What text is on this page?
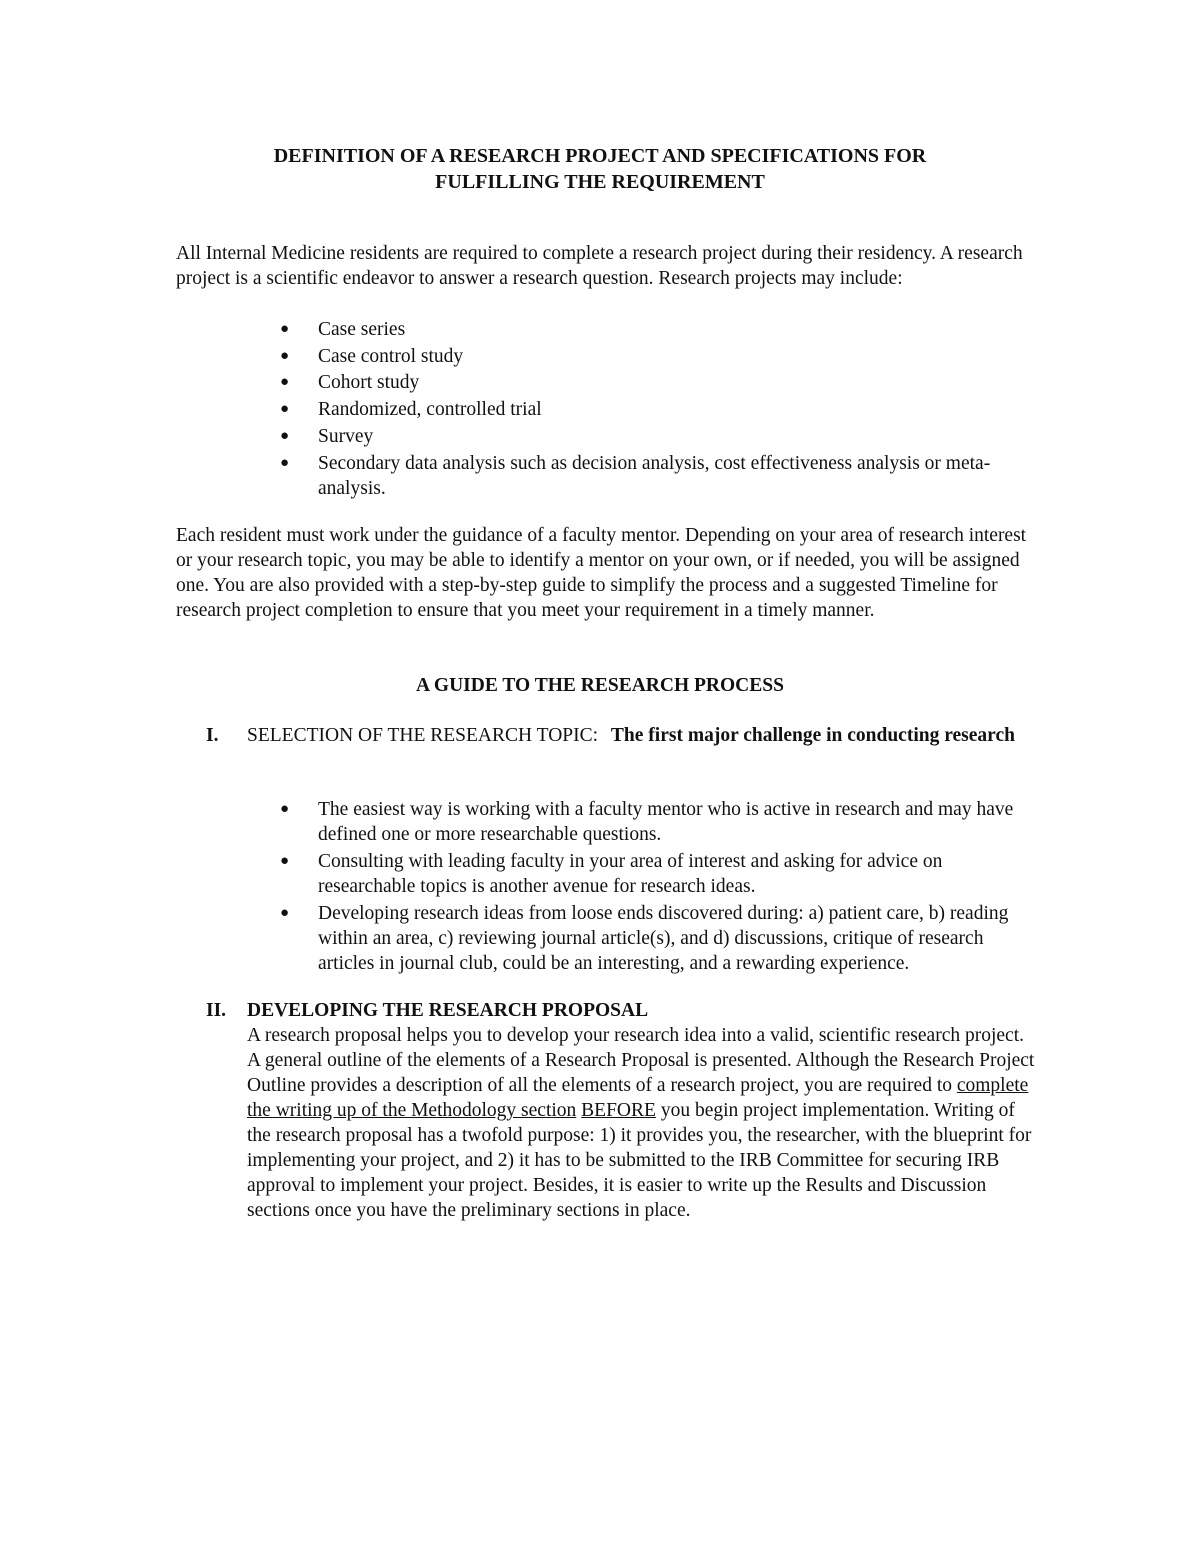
DEFINITION OF A RESEARCH PROJECT AND SPECIFICATIONS FOR
FULFILLING THE REQUIREMENT

All Internal Medicine residents are required to complete a research project during their residency. A research project is a scientific endeavor to answer a research question. Research projects may include:

● Case series
● Case control study
● Cohort study
● Randomized, controlled trial
● Survey
● Secondary data analysis such as decision analysis, cost effectiveness analysis or meta-analysis.

Each resident must work under the guidance of a faculty mentor. Depending on your area of research interest or your research topic, you may be able to identify a mentor on your own, or if needed, you will be assigned one. You are also provided with a step-by-step guide to simplify the process and a suggested Timeline for research project completion to ensure that you meet your requirement in a timely manner.

A GUIDE TO THE RESEARCH PROCESS
I. SELECTION OF THE RESEARCH TOPIC: The first major challenge in conducting research
● The easiest way is working with a faculty mentor who is active in research and may have defined one or more researchable questions.
● Consulting with leading faculty in your area of interest and asking for advice on researchable topics is another avenue for research ideas.
● Developing research ideas from loose ends discovered during: a) patient care, b) reading within an area, c) reviewing journal article(s), and d) discussions, critique of research articles in journal club, could be an interesting, and a rewarding experience.
II. DEVELOPING THE RESEARCH PROPOSAL

A research proposal helps you to develop your research idea into a valid, scientific research project. A general outline of the elements of a Research Proposal is presented. Although the Research Project Outline provides a description of all the elements of a research project, you are required to complete the writing up of the Methodology section BEFORE you begin project implementation. Writing of the research proposal has a twofold purpose: 1) it provides you, the researcher, with the blueprint for implementing your project, and 2) it has to be submitted to the IRB Committee for securing IRB approval to implement your project. Besides, it is easier to write up the Results and Discussion sections once you have the preliminary sections in place.
